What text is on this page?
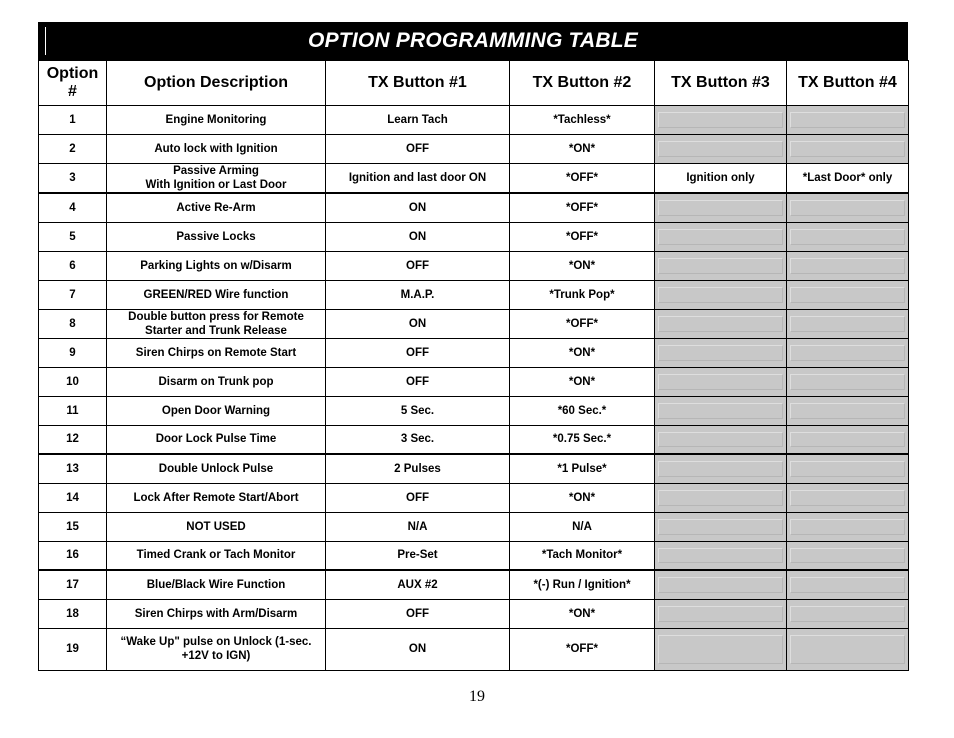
OPTION PROGRAMMING TABLE
Option
#	Option Description	TX Button #1	TX Button #2	TX Button #3	TX Button #4
1	Engine Monitoring	Learn Tach	*Tachless*	

2	Auto lock with Ignition	OFF	*ON*	

3	Passive Arming
With Ignition or Last Door	Ignition and last door ON	*OFF*	Ignition only	*Last Door* only
4	Active Re-Arm	ON	*OFF*	

5	Passive Locks	ON	*OFF*	

6	Parking Lights on w/Disarm	OFF	*ON*	

7	GREEN/RED Wire function	M.A.P.	*Trunk Pop*	

8	Double button press for Remote
Starter and Trunk Release	ON	*OFF*	

9	Siren Chirps on Remote Start	OFF	*ON*	

10	Disarm on Trunk pop	OFF	*ON*	

11	Open Door Warning	5 Sec.	*60 Sec.*	

12	Door Lock Pulse Time	3 Sec.	*0.75 Sec.*	

13	Double Unlock Pulse	2 Pulses	*1 Pulse*	

14	Lock After Remote Start/Abort	OFF	*ON*	

15	NOT USED	N/A	N/A	

16	Timed Crank or Tach Monitor	Pre-Set	*Tach Monitor*	

17	Blue/Black Wire Function	AUX #2	*(-) Run / Ignition*	

18	Siren Chirps with Arm/Disarm	OFF	*ON*	

19	“Wake Up" pulse on Unlock (1-sec.
+12V to IGN)	ON	*OFF*	

19
